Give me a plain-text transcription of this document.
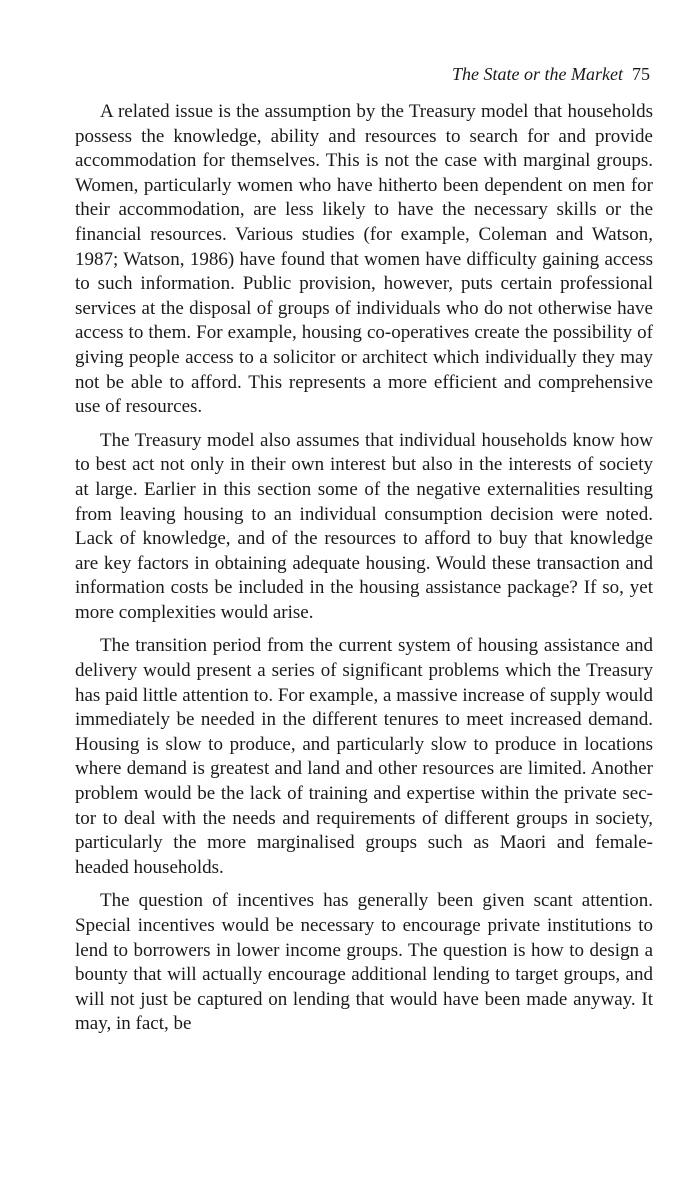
The State or the Market 75

A related issue is the assumption by the Treasury model that households possess the knowledge, ability and resources to search for and provide accommodation for themselves. This is not the case with marginal groups. Women, particularly women who have hitherto been dependent on men for their accommodation, are less likely to have the necessary skills or the financial resources. Various studies (for example, Coleman and Watson, 1987; Watson, 1986) have found that women have difficulty gaining access to such information. Public provision, however, puts certain professional services at the disposal of groups of individuals who do not otherwise have access to them. For example, housing co-operatives create the possibility of giving people access to a solicitor or architect which individually they may not be able to afford. This represents a more efficient and comprehensive use of resources.

The Treasury model also assumes that individual households know how to best act not only in their own interest but also in the interests of society at large. Earlier in this section some of the negative externalities resulting from leaving housing to an individual consumption decision were noted. Lack of knowledge, and of the resources to afford to buy that knowledge are key factors in obtaining adequate housing. Would these transaction and information costs be included in the housing assistance package? If so, yet more complexities would arise.

The transition period from the current system of housing assistance and delivery would present a series of significant problems which the Treasury has paid little attention to. For example, a massive increase of supply would immediately be needed in the different tenures to meet increased demand. Housing is slow to produce, and particularly slow to produce in locations where demand is greatest and land and other resources are limited. Another problem would be the lack of training and expertise within the private sector to deal with the needs and requirements of different groups in society, particularly the more marginalised groups such as Maori and female-headed households.

The question of incentives has generally been given scant attention. Special incentives would be necessary to encourage private institutions to lend to borrowers in lower income groups. The question is how to design a bounty that will actually encourage additional lending to target groups, and will not just be captured on lending that would have been made anyway. It may, in fact, be
